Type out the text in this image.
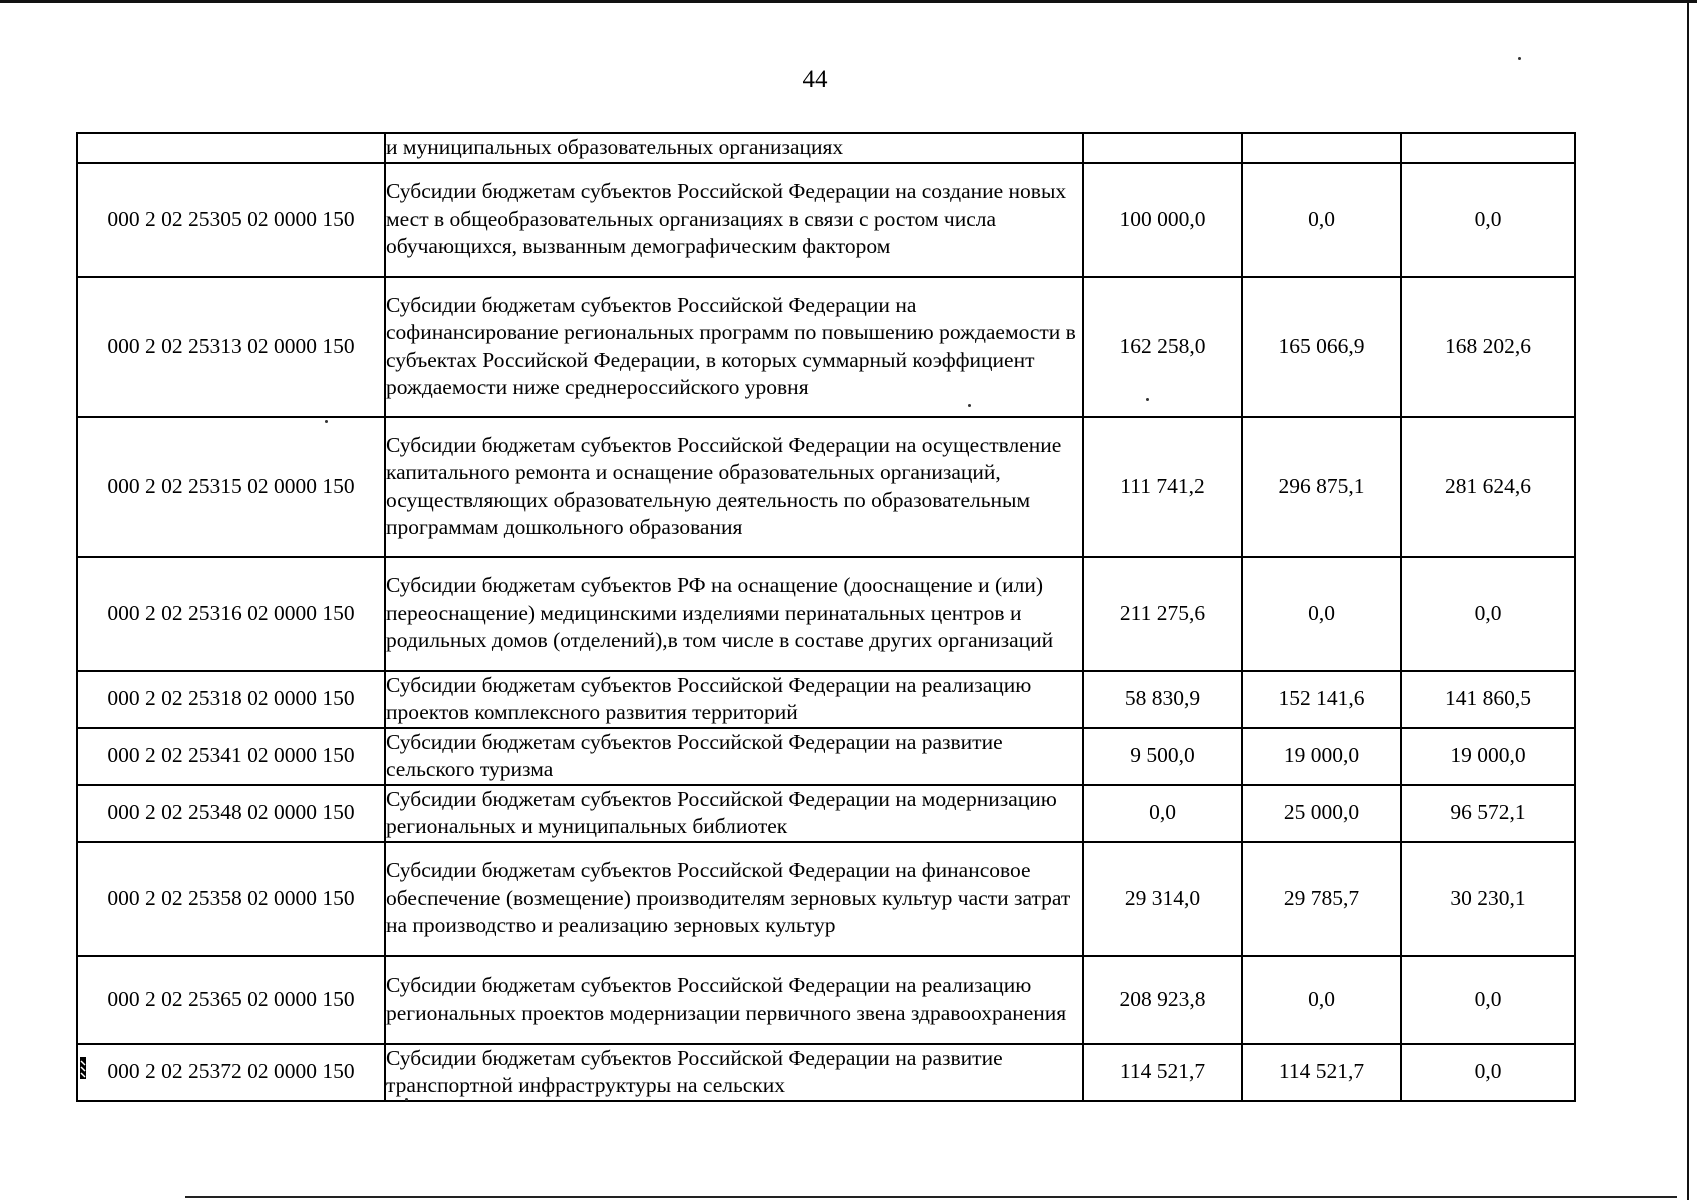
44
	и муниципальных образовательных организациях			
000 2 02 25305 02 0000 150	Субсидии бюджетам субъектов Российской Федерации на создание новых мест в общеобразовательных организациях в связи с ростом числа обучающихся, вызванным демографическим фактором	100 000,0	0,0	0,0
000 2 02 25313 02 0000 150	Субсидии бюджетам субъектов Российской Федерации на софинансирование региональных программ по повышению рождаемости в субъектах Российской Федерации, в которых суммарный коэффициент рождаемости ниже среднероссийского уровня	162 258,0	165 066,9	168 202,6
000 2 02 25315 02 0000 150	Субсидии бюджетам субъектов Российской Федерации на осуществление капитального ремонта и оснащение образовательных организаций, осуществляющих образовательную деятельность по образовательным программам дошкольного образования	111 741,2	296 875,1	281 624,6
000 2 02 25316 02 0000 150	Субсидии бюджетам субъектов РФ на оснащение (дооснащение и (или) переоснащение) медицинскими изделиями перинатальных центров и родильных домов (отделений),в том числе в составе других организаций	211 275,6	0,0	0,0
000 2 02 25318 02 0000 150	Субсидии бюджетам субъектов Российской Федерации на реализацию проектов комплексного развития территорий	58 830,9	152 141,6	141 860,5
000 2 02 25341 02 0000 150	Субсидии бюджетам субъектов Российской Федерации на развитие сельского туризма	9 500,0	19 000,0	19 000,0
000 2 02 25348 02 0000 150	Субсидии бюджетам субъектов Российской Федерации на модернизацию региональных и муниципальных библиотек	0,0	25 000,0	96 572,1
000 2 02 25358 02 0000 150	Субсидии бюджетам субъектов Российской Федерации на финансовое обеспечение (возмещение) производителям зерновых культур части затрат на производство и реализацию зерновых культур	29 314,0	29 785,7	30 230,1
000 2 02 25365 02 0000 150	Субсидии бюджетам субъектов Российской Федерации на реализацию региональных проектов модернизации первичного звена здравоохранения	208 923,8	0,0	0,0
000 2 02 25372 02 0000 150	Субсидии бюджетам субъектов Российской Федерации на развитие транспортной инфраструктуры на сельских	114 521,7	114 521,7	0,0
